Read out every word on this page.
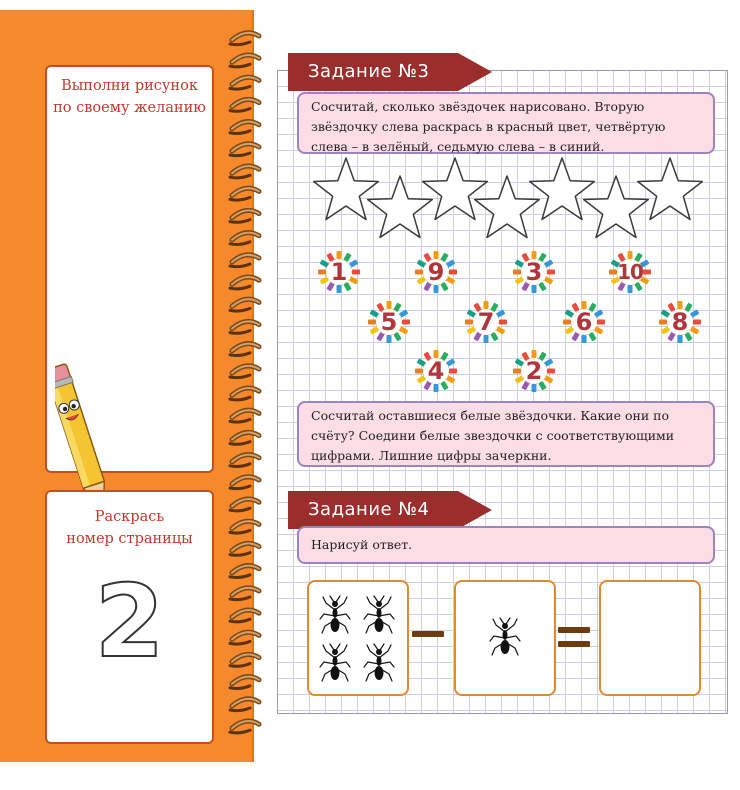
Выполни рисунок
по своему желанию
Раскрась
номер страницы
2
Задание №3
Сосчитай, сколько звёздочек нарисовано. Вторую звёздочку слева раскрась в красный цвет, четвёртую слева – в зелёный, седьмую слева – в синий.
1	9	3	10
5	7	6	8
4	2
Сосчитай оставшиеся белые звёздочки. Какие они по счёту? Соедини белые звездочки с соответствующими цифрами. Лишние цифры зачеркни.
Задание №4
Нарисуй ответ.
